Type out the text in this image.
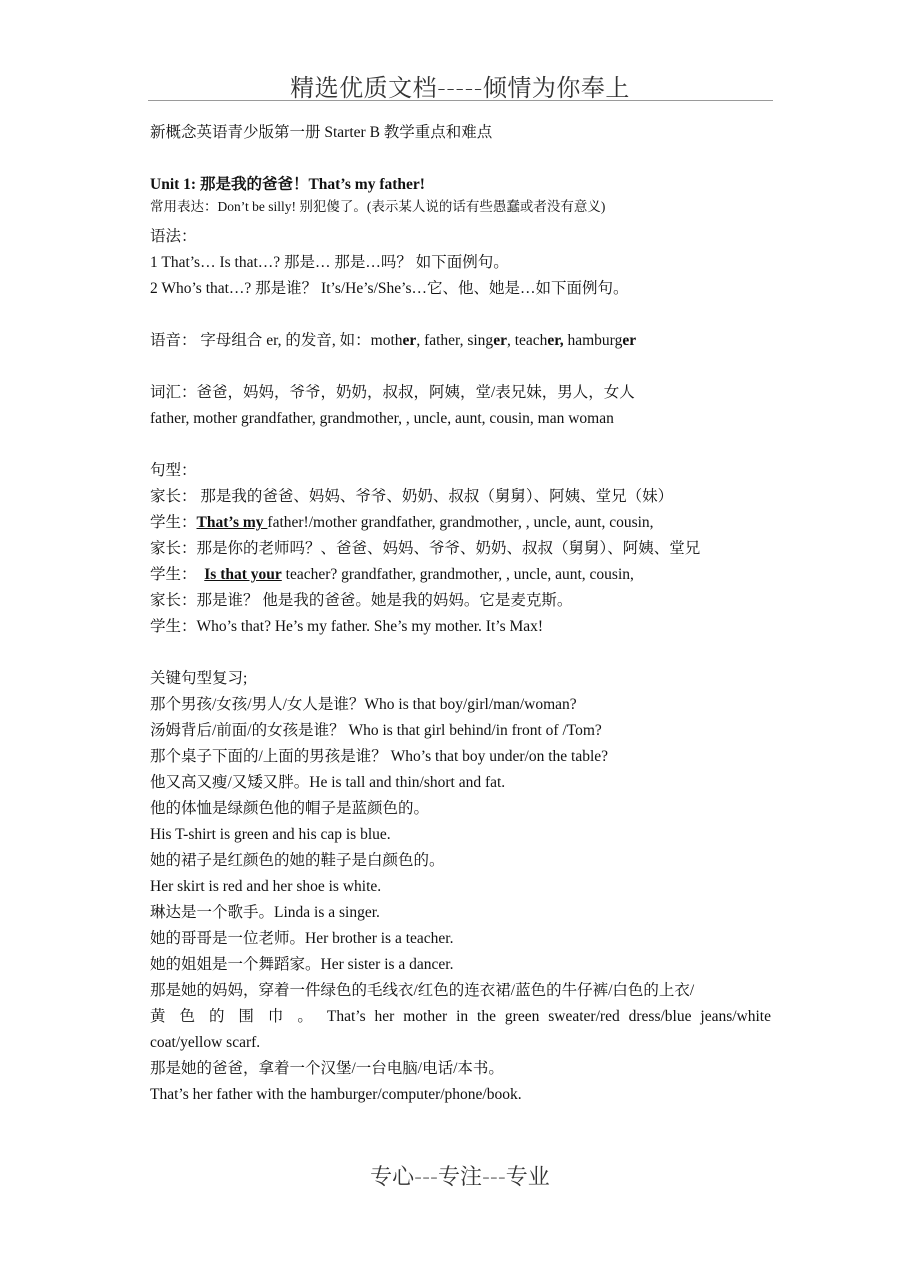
精选优质文档-----倾情为你奉上
新概念英语青少版第一册 Starter B 教学重点和难点
Unit 1: 那是我的爸爸！That’s my father!
常用表达：Don’t be silly! 别犯傻了。(表示某人说的话有些愚蠢或者没有意义)
语法：
1 That’s… Is that…? 那是… 那是…吗？ 如下面例句。
2 Who’s that…? 那是谁？ It’s/He’s/She’s…它、他、她是…如下面例句。
语音： 字母组合 er, 的发音, 如：mother, father, singer, teacher, hamburger
词汇：爸爸，妈妈，爷爷，奶奶，叔叔，阿姨，堂/表兄妹，男人，女人
father, mother grandfather, grandmother, , uncle, aunt, cousin, man woman
句型：
家长： 那是我的爸爸、妈妈、爷爷、奶奶、叔叔（舅舅）、阿姨、堂兄（妹）
学生：That’s my father!/mother grandfather, grandmother, , uncle, aunt, cousin,
家长：那是你的老师吗？、爸爸、妈妈、爷爷、奶奶、叔叔（舅舅）、阿姨、堂兄
学生： Is that your teacher? grandfather, grandmother, , uncle, aunt, cousin,
家长：那是谁？ 他是我的爸爸。她是我的妈妈。它是麦克斯。
学生：Who’s that? He’s my father. She’s my mother. It’s Max!
关键句型复习;
那个男孩/女孩/男人/女人是谁？Who is that boy/girl/man/woman?
汤姆背后/前面/的女孩是谁？ Who is that girl behind/in front of /Tom?
那个桌子下面的/上面的男孩是谁？ Who’s that boy under/on the table?
他又高又瘦/又矮又胖。He is tall and thin/short and fat.
他的体恤是绿颜色他的帽子是蓝颜色的。
His T-shirt is green and his cap is blue.
她的裙子是红颜色的她的鞋子是白颜色的。
Her skirt is red and her shoe is white.
琳达是一个歌手。Linda is a singer.
她的哥哥是一位老师。Her brother is a teacher.
她的姐姐是一个舞蹈家。Her sister is a dancer.
那是她的妈妈，穿着一件绿色的毛线衣/红色的连衣裙/蓝色的牛仔裤/白色的上衣/
黄 色 的 围 巾 。 That’s her mother in the green sweater/red dress/blue jeans/white
coat/yellow scarf.
那是她的爸爸，拿着一个汉堡/一台电脑/电话/本书。
That’s her father with the hamburger/computer/phone/book.
专心---专注---专业
